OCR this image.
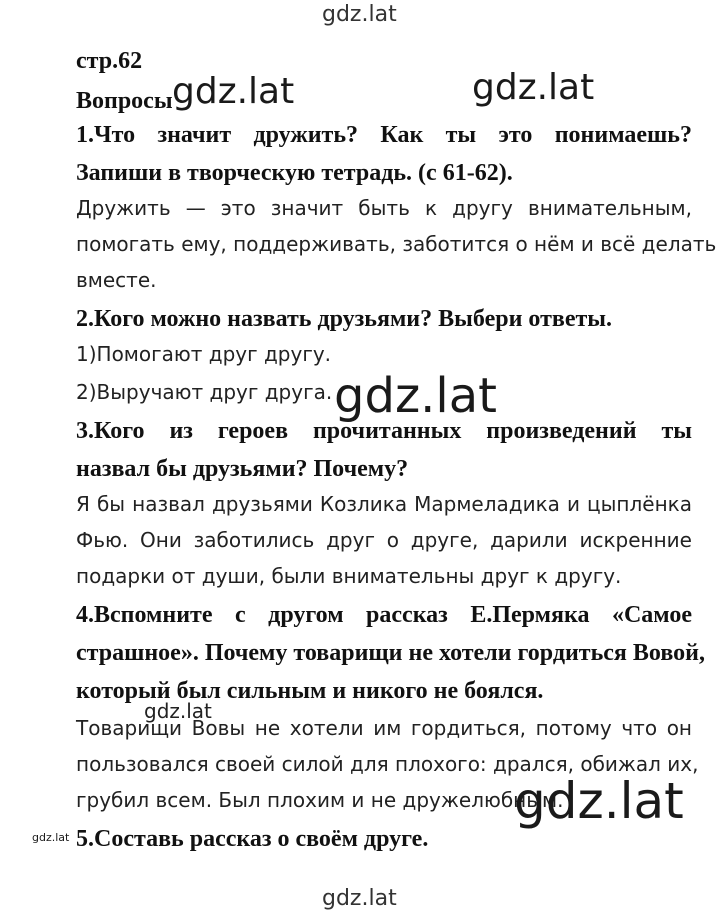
gdz.lat
стр.62
Вопросы gdz.lat	gdz.lat
1.Что значит дружить? Как ты это понимаешь?
Запиши в творческую тетрадь. (с 61-62).
Дружить — это значит быть к другу внимательным,
помогать ему, поддерживать, заботится о нём и всё делать
вместе.
2.Кого можно назвать друзьями? Выбери ответы.
1)Помогают друг другу.
2)Выручают друг друга. gdz.lat
3.Кого из героев прочитанных произведений ты
назвал бы друзьями? Почему?
Я бы назвал друзьями Козлика Мармеладика и цыплёнка
Фью. Они заботились друг о друге, дарили искренние
подарки от души, были внимательны друг к другу.
4.Вспомните с другом рассказ Е.Пермяка «Самое
страшное». Почему товарищи не хотели гордиться Вовой,
который был сильным и никого не боялся.
gdz.lat
Товарищи Вовы не хотели им гордиться, потому что он
пользовался своей силой для плохого: дрался, обижал их,
грубил всем. Был плохим и не дружелюбным.
gdz.lat
gdz.lat 5.Составь рассказ о своём друге.
gdz.lat
